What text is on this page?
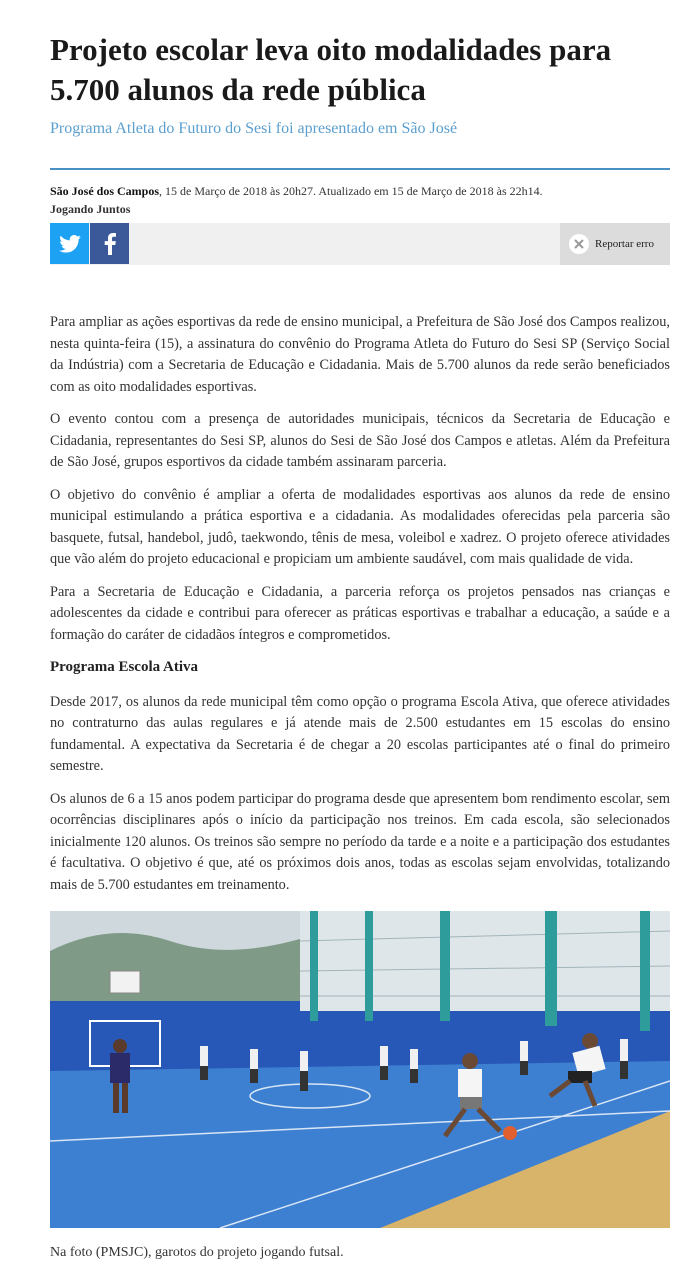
Projeto escolar leva oito modalidades para 5.700 alunos da rede pública
Programa Atleta do Futuro do Sesi foi apresentado em São José
São José dos Campos, 15 de Março de 2018 às 20h27. Atualizado em 15 de Março de 2018 às 22h14.
Jogando Juntos
Reportar erro

Para ampliar as ações esportivas da rede de ensino municipal, a Prefeitura de São José dos Campos realizou, nesta quinta-feira (15), a assinatura do convênio do Programa Atleta do Futuro do Sesi SP (Serviço Social da Indústria) com a Secretaria de Educação e Cidadania. Mais de 5.700 alunos da rede serão beneficiados com as oito modalidades esportivas.

O evento contou com a presença de autoridades municipais, técnicos da Secretaria de Educação e Cidadania, representantes do Sesi SP, alunos do Sesi de São José dos Campos e atletas. Além da Prefeitura de São José, grupos esportivos da cidade também assinaram parceria.

O objetivo do convênio é ampliar a oferta de modalidades esportivas aos alunos da rede de ensino municipal estimulando a prática esportiva e a cidadania. As modalidades oferecidas pela parceria são basquete, futsal, handebol, judô, taekwondo, tênis de mesa, voleibol e xadrez. O projeto oferece atividades que vão além do projeto educacional e propiciam um ambiente saudável, com mais qualidade de vida.

Para a Secretaria de Educação e Cidadania, a parceria reforça os projetos pensados nas crianças e adolescentes da cidade e contribui para oferecer as práticas esportivas e trabalhar a educação, a saúde e a formação do caráter de cidadãos íntegros e comprometidos.

Programa Escola Ativa

Desde 2017, os alunos da rede municipal têm como opção o programa Escola Ativa, que oferece atividades no contraturno das aulas regulares e já atende mais de 2.500 estudantes em 15 escolas do ensino fundamental. A expectativa da Secretaria é de chegar a 20 escolas participantes até o final do primeiro semestre.

Os alunos de 6 a 15 anos podem participar do programa desde que apresentem bom rendimento escolar, sem ocorrências disciplinares após o início da participação nos treinos. Em cada escola, são selecionados inicialmente 120 alunos. Os treinos são sempre no período da tarde e a noite e a participação dos estudantes é facultativa. O objetivo é que, até os próximos dois anos, todas as escolas sejam envolvidas, totalizando mais de 5.700 estudantes em treinamento.

Na foto (PMSJC), garotos do projeto jogando futsal.
